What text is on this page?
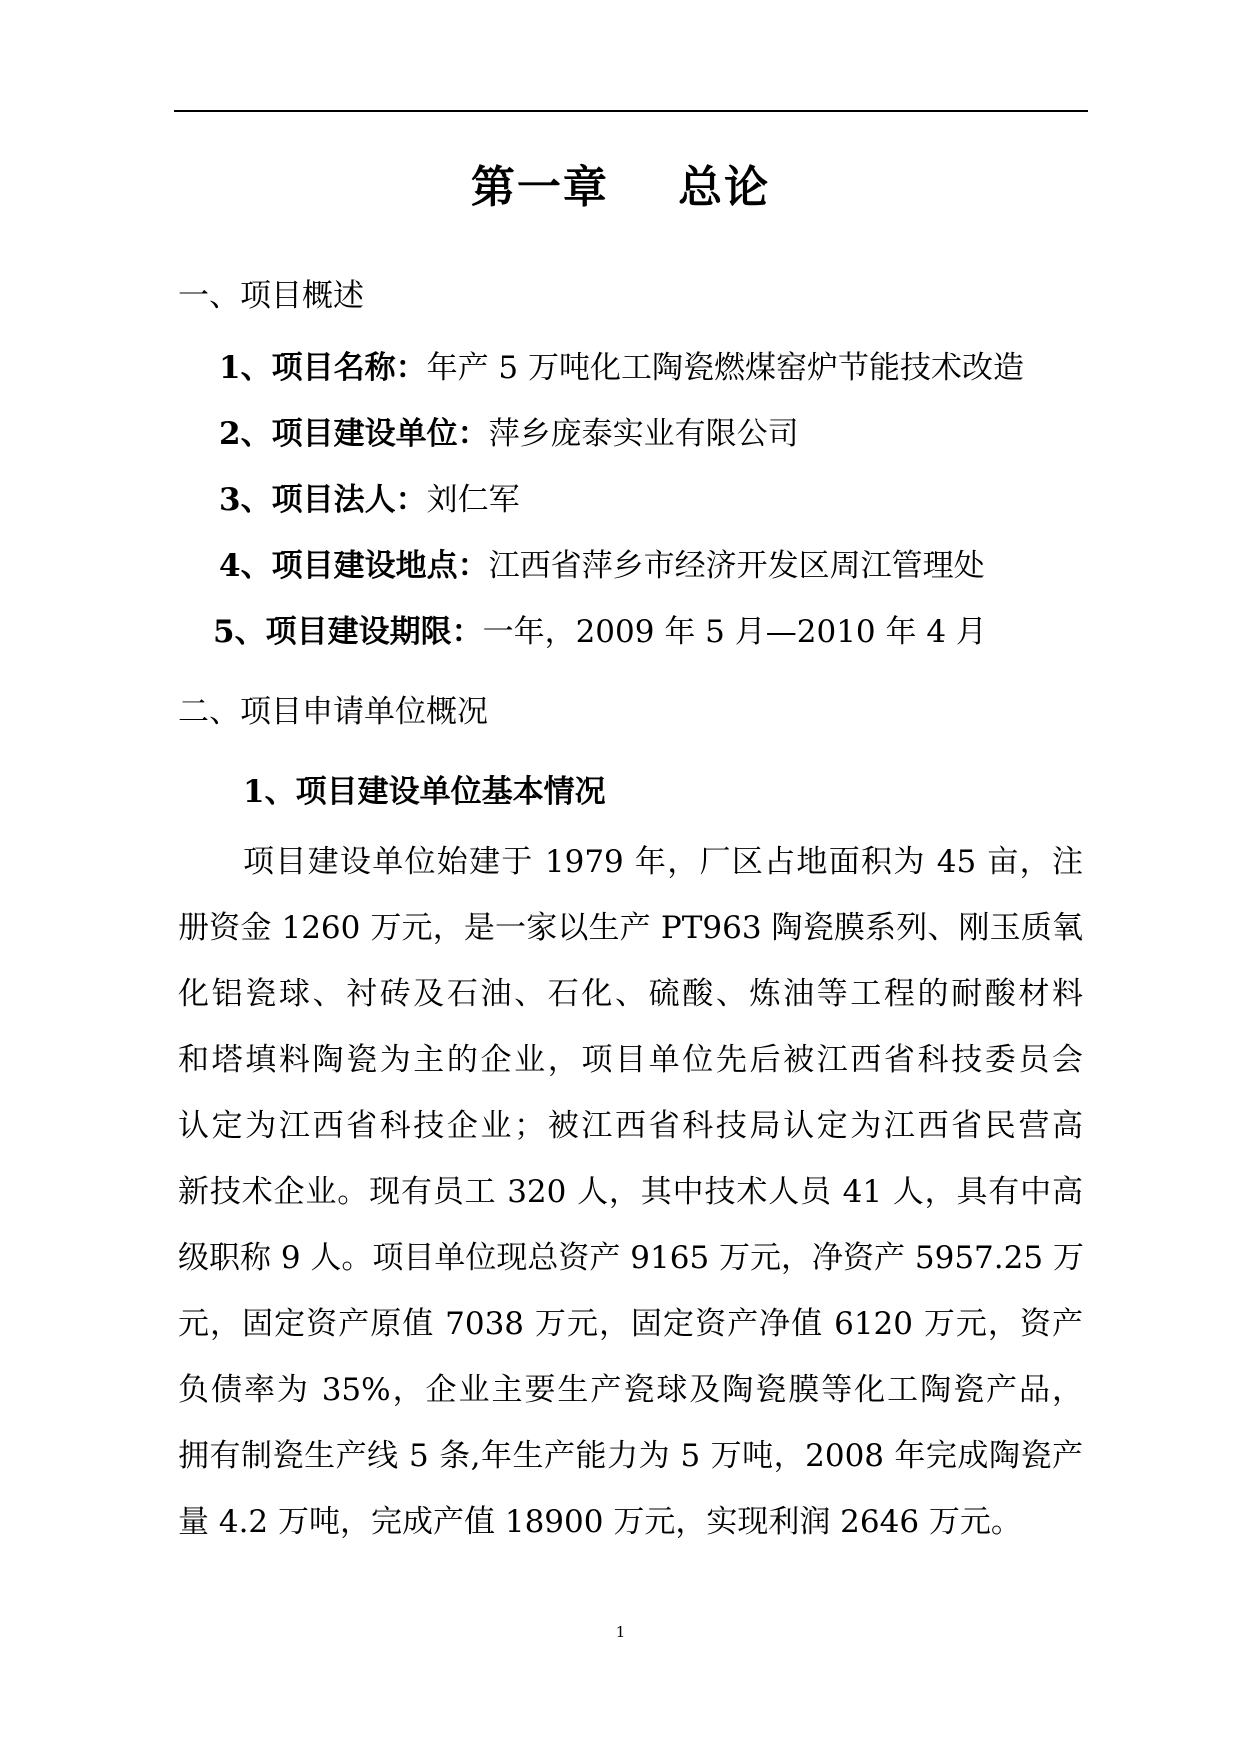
第一章    总论
一、项目概述
1、项目名称：年产 5 万吨化工陶瓷燃煤窑炉节能技术改造
2、项目建设单位：萍乡庞泰实业有限公司
3、项目法人：刘仁军
4、项目建设地点：江西省萍乡市经济开发区周江管理处
5、项目建设期限：一年，2009 年 5 月—2010 年 4 月
二、项目申请单位概况
1、项目建设单位基本情况
项目建设单位始建于 1979 年，厂区占地面积为 45 亩，注
册资金 1260 万元，是一家以生产 PT963 陶瓷膜系列、刚玉质氧
化铝瓷球、衬砖及石油、石化、硫酸、炼油等工程的耐酸材料
和塔填料陶瓷为主的企业，项目单位先后被江西省科技委员会
认定为江西省科技企业；被江西省科技局认定为江西省民营高
新技术企业。现有员工 320 人，其中技术人员 41 人，具有中高
级职称 9 人。项目单位现总资产 9165 万元，净资产 5957.25 万
元，固定资产原值 7038 万元，固定资产净值 6120 万元，资产
负债率为 35%，企业主要生产瓷球及陶瓷膜等化工陶瓷产品，
拥有制瓷生产线 5 条,年生产能力为 5 万吨，2008 年完成陶瓷产
量 4.2 万吨，完成产值 18900 万元，实现利润 2646 万元。
1
